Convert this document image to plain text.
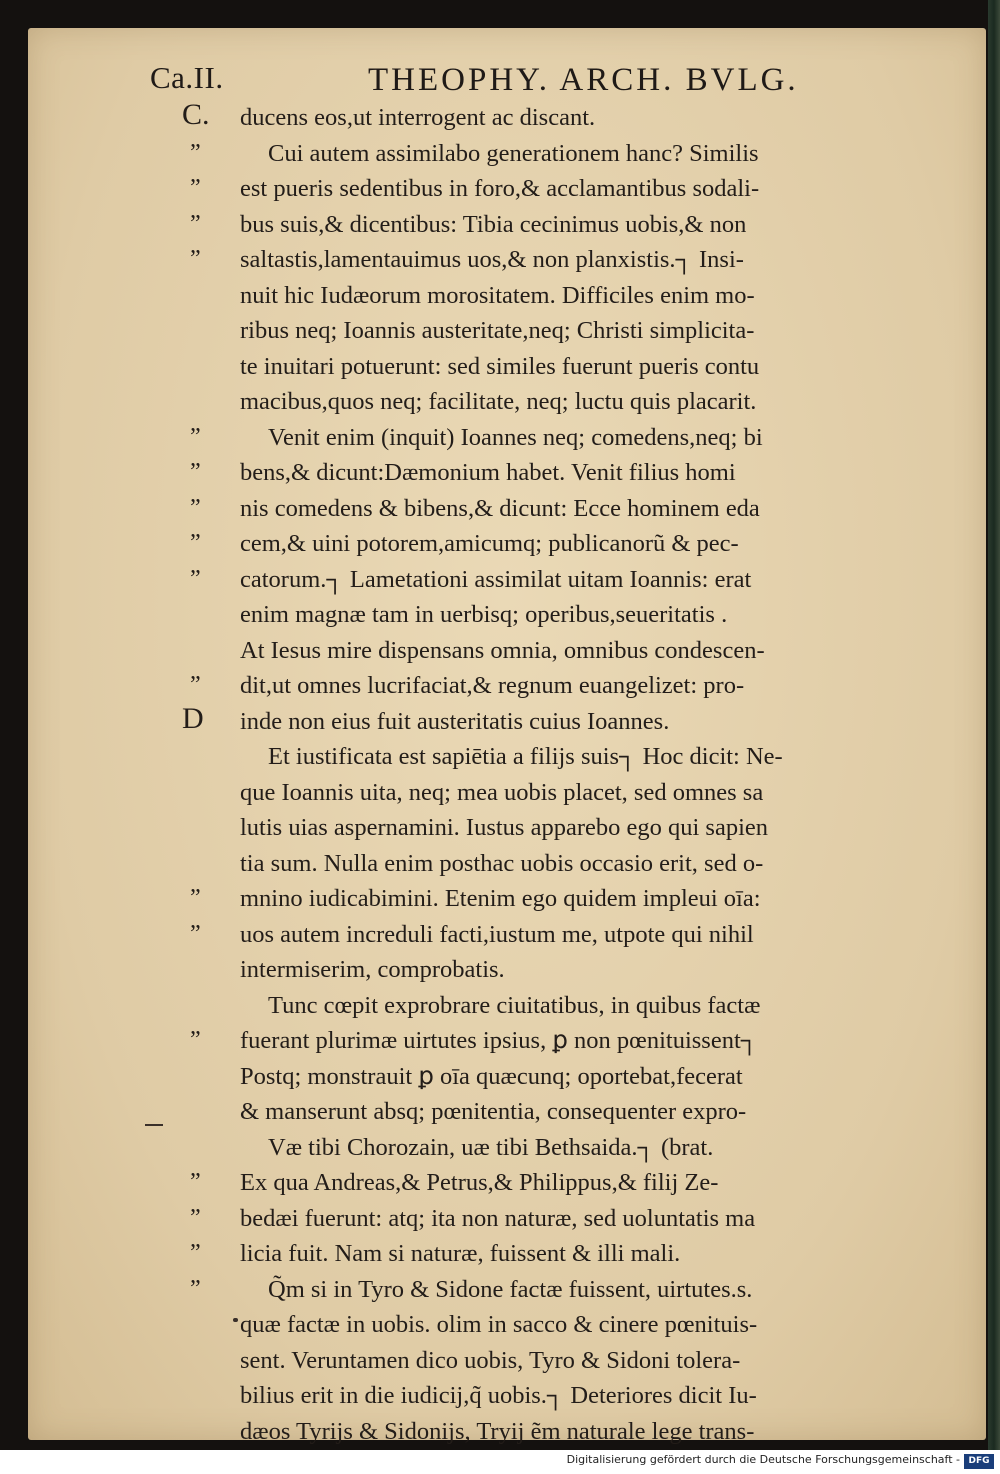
Ca.II.	THEOPHY. ARCH. BVLG.
C.
”
”
”
”
”
”
”
”
”
”
D
”
”
”
”
”
”
”
ducens eos,ut interrogent ac discant.
Cui autem assimilabo generationem hanc? Similis
est pueris sedentibus in foro,& acclamantibus sodali-
bus suis,& dicentibus: Tibia cecinimus uobis,& non
saltastis,lamentauimus uos,& non planxistis.┐ Insi-
nuit hic Iudæorum morositatem. Difficiles enim mo-
ribus neq; Ioannis austeritate,neq; Christi simplicita-
te inuitari potuerunt: sed similes fuerunt pueris contu
macibus,quos neq; facilitate, neq; luctu quis placarit.
Venit enim (inquit) Ioannes neq; comedens,neq; bi
bens,& dicunt:Dæmonium habet. Venit filius homi
nis comedens & bibens,& dicunt: Ecce hominem eda
cem,& uini potorem,amicumq; publicanorũ & pec-
catorum.┐ Lametationi assimilat uitam Ioannis: erat
enim magnæ tam in uerbisq; operibus,seueritatis .
At Iesus mire dispensans omnia, omnibus condescen-
dit,ut omnes lucrifaciat,& regnum euangelizet: pro-
inde non eius fuit austeritatis cuius Ioannes.
Et iustificata est sapiētia a filijs suis┐ Hoc dicit: Ne-
que Ioannis uita, neq; mea uobis placet, sed omnes sa
lutis uias aspernamini. Iustus apparebo ego qui sapien
tia sum. Nulla enim posthac uobis occasio erit, sed o-
mnino iudicabimini. Etenim ego quidem impleui oīa:
uos autem increduli facti,iustum me, utpote qui nihil
intermiserim, comprobatis.
Tunc cœpit exprobrare ciuitatibus, in quibus factæ
fuerant plurimæ uirtutes ipsius, ꝑ non pœnituissent┐
Postq; monstrauit ꝑ oīa quæcunq; oportebat,fecerat
& manserunt absq; pœnitentia, consequenter expro-
Væ tibi Chorozain, uæ tibi Bethsaida.┐ (brat.
Ex qua Andreas,& Petrus,& Philippus,& filij Ze-
bedæi fuerunt: atq; ita non naturæ, sed uoluntatis ma
licia fuit. Nam si naturæ, fuissent & illi mali.
Q̃m si in Tyro & Sidone factæ fuissent, uirtutes.s.
quæ factæ in uobis. olim in sacco & cinere pœnituis-
sent. Veruntamen dico uobis, Tyro & Sidoni tolera-
bilius erit in die iudicij,q̃ uobis.┐ Deteriores dicit Iu-
dæos Tyrijs & Sidonijs, Tryij ẽm naturale lege trans-
Digitalisierung gefördert durch die Deutsche Forschungsgemeinschaft - DFG
